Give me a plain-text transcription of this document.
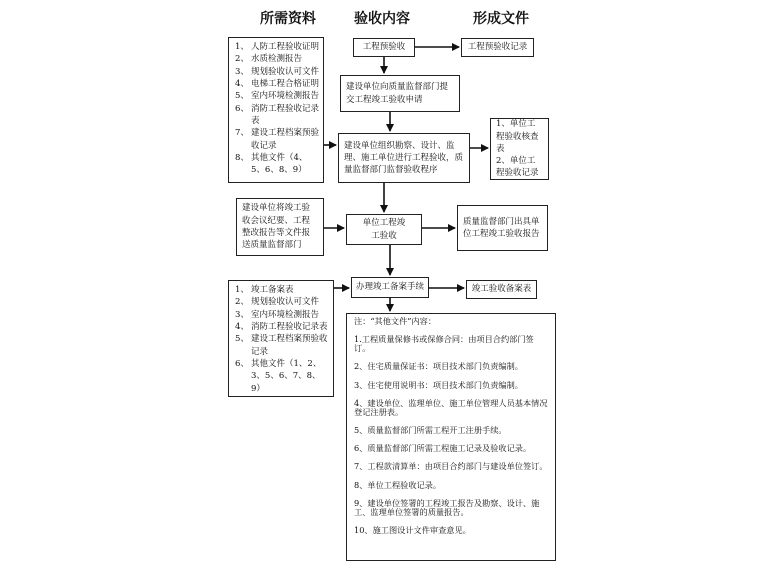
所需资料	验收内容	形成文件
1、 人防工程验收证明
2、 水质检测报告
3、 规划验收认可文件
4、 电梯工程合格证明
5、 室内环境检测报告
6、 消防工程验收记录表
7、 建设工程档案预验收记录
8、 其他文件（4、5、6、8、9）
建设单位将竣工验收会议纪要、工程整改报告等文件报送质量监督部门
1、 竣工备案表
2、 规划验收认可文件
3、 室内环境检测报告
4、 消防工程验收记录表
5、 建设工程档案预验收记录
6、 其他文件（1、2、3、5、6、7、8、9）
工程预验收
建设单位向质量监督部门提交工程竣工验收申请
建设单位组织勘察、设计、监理、施工单位进行工程验收，质量监督部门监督验收程序
单位工程竣工验收
办理竣工备案手续
工程预验收记录
1、单位工程验收核查表
2、单位工程验收记录
质量监督部门出具单位工程竣工验收报告
竣工验收备案表
注：“其他文件”内容：
1.工程质量保修书或保修合同：由项目合约部门签订。
2、住宅质量保证书：项目技术部门负责编制。
3、住宅使用说明书：项目技术部门负责编制。
4、建设单位、监理单位、施工单位管理人员基本情况登记注册表。
5、质量监督部门所需工程开工注册手续。
6、质量监督部门所需工程施工记录及验收记录。
7、工程款清算单：由项目合约部门与建设单位签订。
8、单位工程验收记录。
9、建设单位签署的工程竣工报告及勘察、设计、施工、监理单位签署的质量报告。
10、施工图设计文件审查意见。
